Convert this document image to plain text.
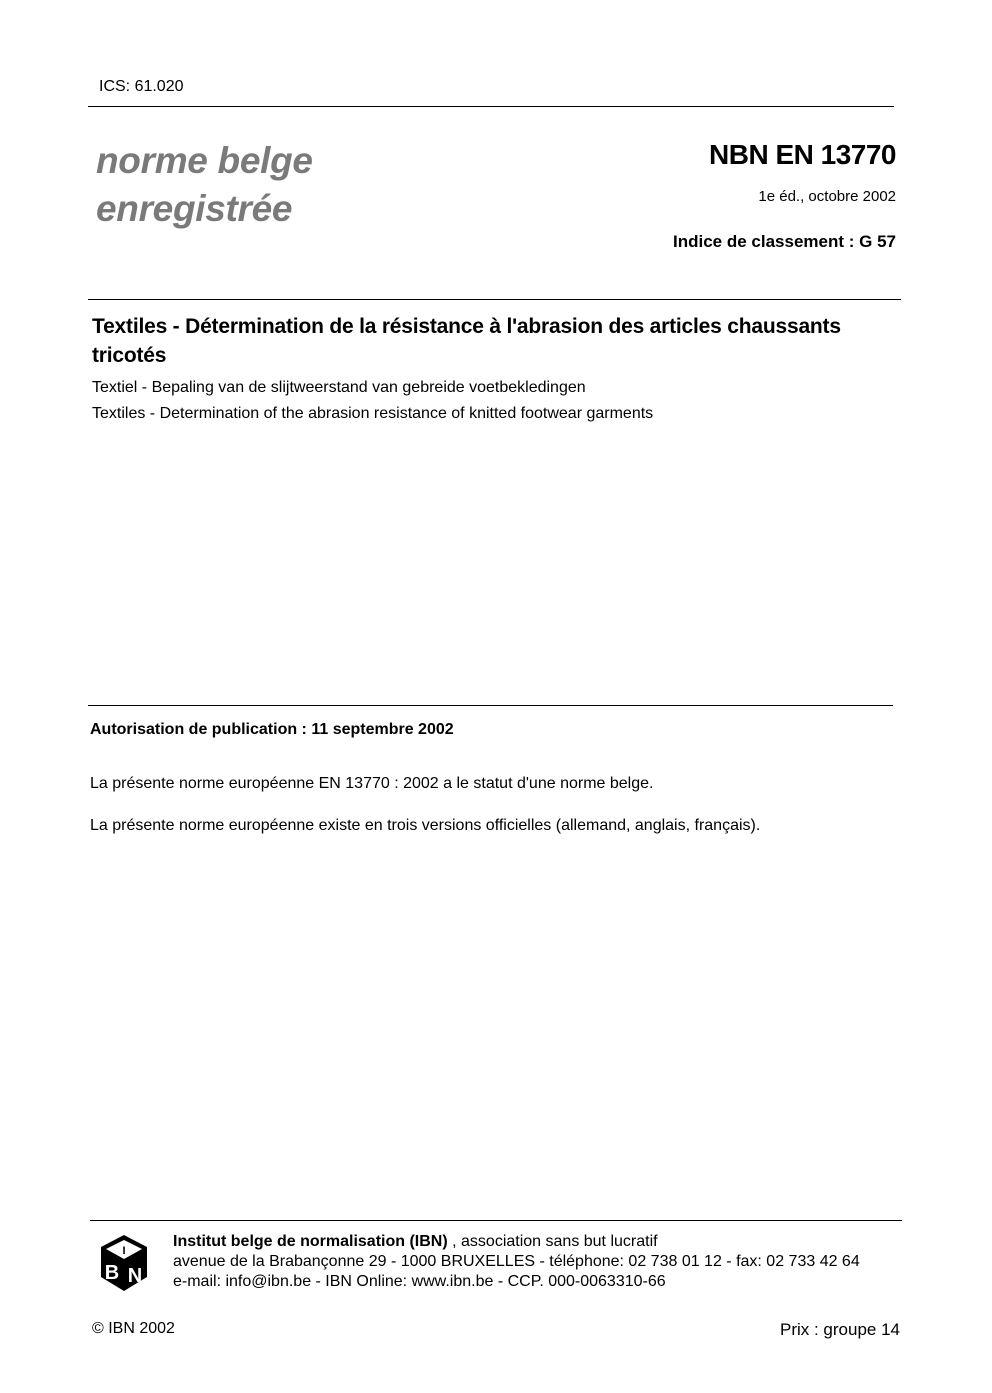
ICS: 61.020
norme belge
enregistrée
NBN EN 13770
1e éd., octobre 2002
Indice de classement : G 57
Textiles - Détermination de la résistance à l'abrasion des articles chaussants tricotés
Textiel - Bepaling van de slijtweerstand van gebreide voetbekledingen
Textiles - Determination of the abrasion resistance of knitted footwear garments
Autorisation de publication : 11 septembre 2002
La présente norme européenne EN 13770 : 2002 a le statut d'une norme belge.
La présente norme européenne existe en trois versions officielles (allemand, anglais, français).
I
B N
Institut belge de normalisation (IBN) , association sans but lucratif
avenue de la Brabançonne 29 - 1000 BRUXELLES - téléphone: 02 738 01 12 - fax: 02 733 42 64
e-mail: info@ibn.be - IBN Online: www.ibn.be - CCP. 000-0063310-66
© IBN 2002	Prix : groupe 14
